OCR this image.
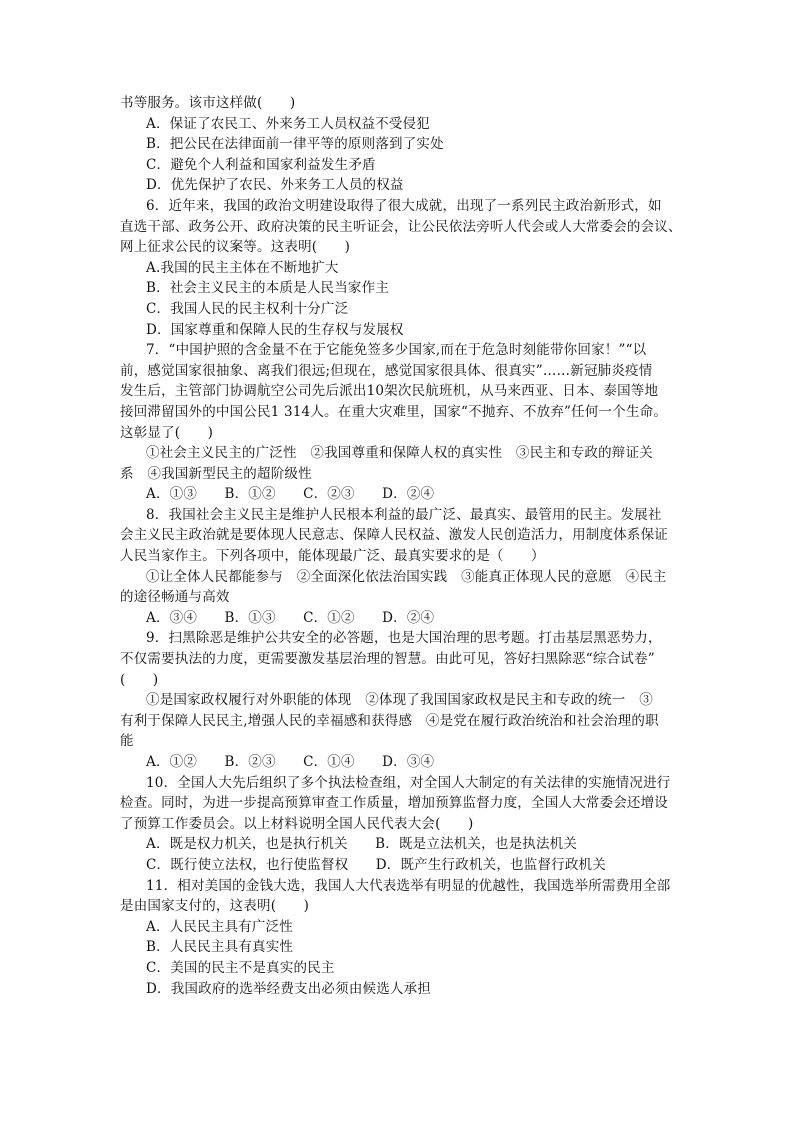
书等服务。该市这样做(　　)
A．保证了农民工、外来务工人员权益不受侵犯
B．把公民在法律面前一律平等的原则落到了实处
C．避免个人利益和国家利益发生矛盾
D．优先保护了农民、外来务工人员的权益
6．近年来，我国的政治文明建设取得了很大成就，出现了一系列民主政治新形式，如
直选干部、政务公开、政府决策的民主听证会，让公民依法旁听人代会或人大常委会的会议、
网上征求公民的议案等。这表明(　　)
A.我国的民主主体在不断地扩大
B．社会主义民主的本质是人民当家作主
C．我国人民的民主权利十分广泛
D．国家尊重和保障人民的生存权与发展权
7．“中国护照的含金量不在于它能免签多少国家,而在于危急时刻能带你回家！”“以
前，感觉国家很抽象、离我们很远;但现在，感觉国家很具体、很真实”……新冠肺炎疫情
发生后，主管部门协调航空公司先后派出10架次民航班机，从马来西亚、日本、泰国等地
接回滞留国外的中国公民1 314人。在重大灾难里，国家“不抛弃、不放弃”任何一个生命。
这彰显了(　　)
①社会主义民主的广泛性　②我国尊重和保障人权的真实性　③民主和专政的辩证关
系　④我国新型民主的超阶级性
A．①③　　B．①②　　C．②③　　D．②④
8．我国社会主义民主是维护人民根本利益的最广泛、最真实、最管用的民主。发展社
会主义民主政治就是要体现人民意志、保障人民权益、激发人民创造活力，用制度体系保证
人民当家作主。下列各项中，能体现最广泛、最真实要求的是（　　）
①让全体人民都能参与　②全面深化依法治国实践　③能真正体现人民的意愿　④民主
的途径畅通与高效
A．③④　　B．①③　　C．①②　　D．②④
9．扫黑除恶是维护公共安全的必答题，也是大国治理的思考题。打击基层黑恶势力，
不仅需要执法的力度，更需要激发基层治理的智慧。由此可见，答好扫黑除恶“综合试卷”
(　　)
①是国家政权履行对外职能的体现　②体现了我国国家政权是民主和专政的统一　③
有利于保障人民民主,增强人民的幸福感和获得感　④是党在履行政治统治和社会治理的职
能
A．①②　　B．②③　　C．①④　　D．③④
10．全国人大先后组织了多个执法检查组，对全国人大制定的有关法律的实施情况进行
检查。同时，为进一步提高预算审查工作质量，增加预算监督力度，全国人大常委会还增设
了预算工作委员会。以上材料说明全国人民代表大会(　　)
A．既是权力机关，也是执行机关　　B．既是立法机关，也是执法机关
C．既行使立法权，也行使监督权　　D．既产生行政机关，也监督行政机关
11．相对美国的金钱大选，我国人大代表选举有明显的优越性，我国选举所需费用全部
是由国家支付的，这表明(　　)
A．人民民主具有广泛性
B．人民民主具有真实性
C．美国的民主不是真实的民主
D．我国政府的选举经费支出必须由候选人承担
